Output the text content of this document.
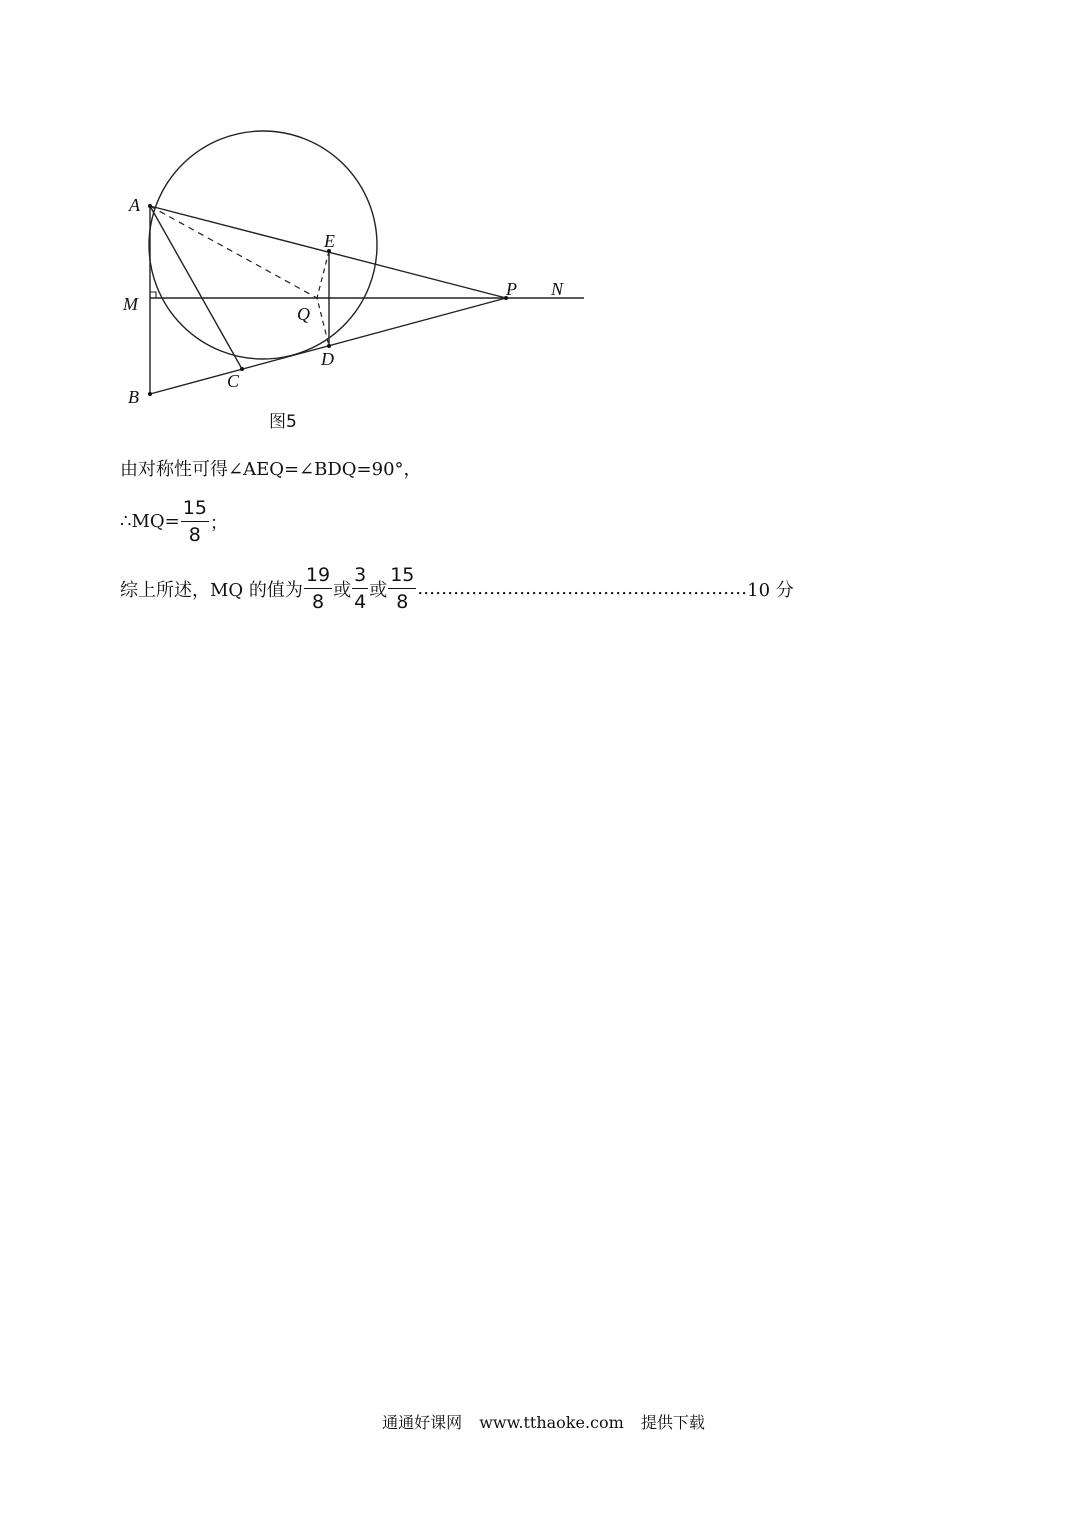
A
E
M	Q
P N
D
C
B
图5
由对称性可得∠AEQ=∠BDQ=90°，
∴MQ= $\frac{15}{8}$ ；
综上所述，MQ 的值为 $\frac{19}{8}$ 或 $\frac{3}{4}$ 或 $\frac{15}{8}$ .……………………………………………… 10 分
通通好课网 www.tthaoke.com 提供下载
